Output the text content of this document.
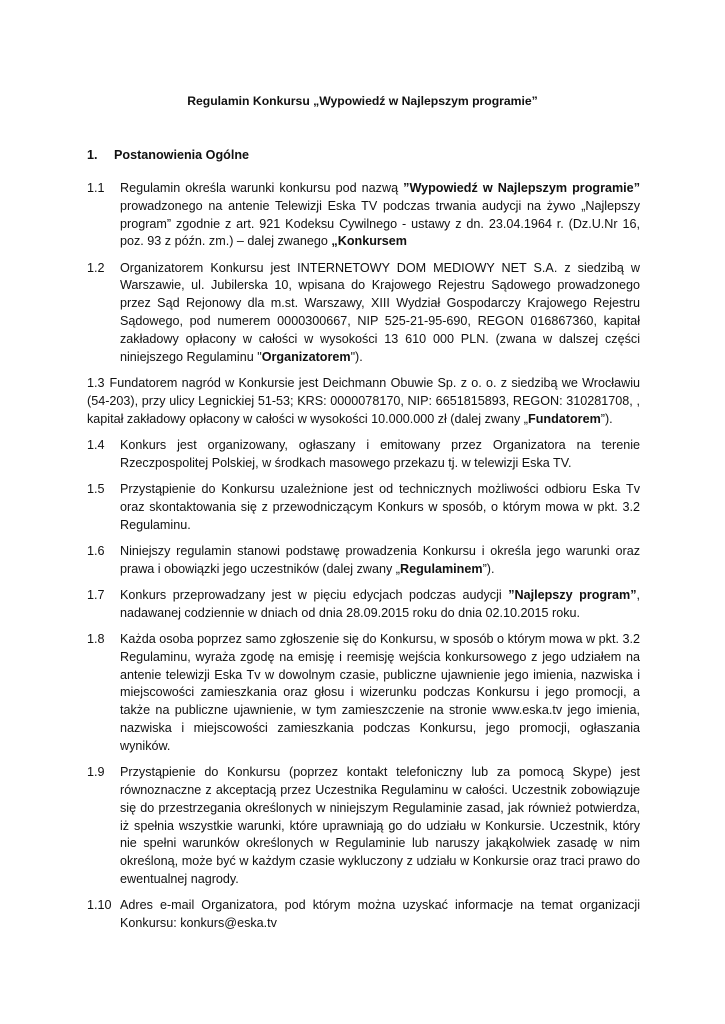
Regulamin Konkursu „Wypowiedź w Najlepszym programie”
1. Postanowienia Ogólne
1.1 Regulamin określa warunki konkursu pod nazwą ”Wypowiedź w Najlepszym programie” prowadzonego na antenie Telewizji Eska TV podczas trwania audycji na żywo „Najlepszy program” zgodnie z art. 921 Kodeksu Cywilnego - ustawy z dn. 23.04.1964 r. (Dz.U.Nr 16, poz. 93 z późn. zm.) – dalej zwanego „Konkursem
1.2 Organizatorem Konkursu jest INTERNETOWY DOM MEDIOWY NET S.A. z siedzibą w Warszawie, ul. Jubilerska 10, wpisana do Krajowego Rejestru Sądowego prowadzonego przez Sąd Rejonowy dla m.st. Warszawy, XIII Wydział Gospodarczy Krajowego Rejestru Sądowego, pod numerem 0000300667, NIP 525-21-95-690, REGON 016867360, kapitał zakładowy opłacony w całości w wysokości 13 610 000 PLN. (zwana w dalszej części niniejszego Regulaminu "Organizatorem").
1.3 Fundatorem nagród w Konkursie jest Deichmann Obuwie Sp. z o. o. z siedzibą we Wrocławiu (54-203), przy ulicy Legnickiej 51-53; KRS: 0000078170, NIP: 6651815893, REGON: 310281708, , kapitał zakładowy opłacony w całości w wysokości 10.000.000 zł (dalej zwany „Fundatorem”).
1.4 Konkurs jest organizowany, ogłaszany i emitowany przez Organizatora na terenie Rzeczpospolitej Polskiej, w środkach masowego przekazu tj. w telewizji Eska TV.
1.5 Przystąpienie do Konkursu uzależnione jest od technicznych możliwości odbioru Eska Tv oraz skontaktowania się z przewodniczącym Konkurs w sposób, o którym mowa w pkt. 3.2 Regulaminu.
1.6 Niniejszy regulamin stanowi podstawę prowadzenia Konkursu i określa jego warunki oraz prawa i obowiązki jego uczestników (dalej zwany „Regulaminem”).
1.7 Konkurs przeprowadzany jest w pięciu edycjach podczas audycji ”Najlepszy program”, nadawanej codziennie w dniach od dnia 28.09.2015 roku do dnia 02.10.2015 roku.
1.8 Każda osoba poprzez samo zgłoszenie się do Konkursu, w sposób o którym mowa w pkt. 3.2 Regulaminu, wyraża zgodę na emisję i reemisję wejścia konkursowego z jego udziałem na antenie telewizji Eska Tv w dowolnym czasie, publiczne ujawnienie jego imienia, nazwiska i miejscowości zamieszkania oraz głosu i wizerunku podczas Konkursu i jego promocji, a także na publiczne ujawnienie, w tym zamieszczenie na stronie www.eska.tv jego imienia, nazwiska i miejscowości zamieszkania podczas Konkursu, jego promocji, ogłaszania wyników.
1.9 Przystąpienie do Konkursu (poprzez kontakt telefoniczny lub za pomocą Skype) jest równoznaczne z akceptacją przez Uczestnika Regulaminu w całości. Uczestnik zobowiązuje się do przestrzegania określonych w niniejszym Regulaminie zasad, jak również potwierdza, iż spełnia wszystkie warunki, które uprawniają go do udziału w Konkursie. Uczestnik, który nie spełni warunków określonych w Regulaminie lub naruszy jakąkolwiek zasadę w nim określoną, może być w każdym czasie wykluczony z udziału w Konkursie oraz traci prawo do ewentualnej nagrody.
1.10 Adres e-mail Organizatora, pod którym można uzyskać informacje na temat organizacji Konkursu: konkurs@eska.tv
